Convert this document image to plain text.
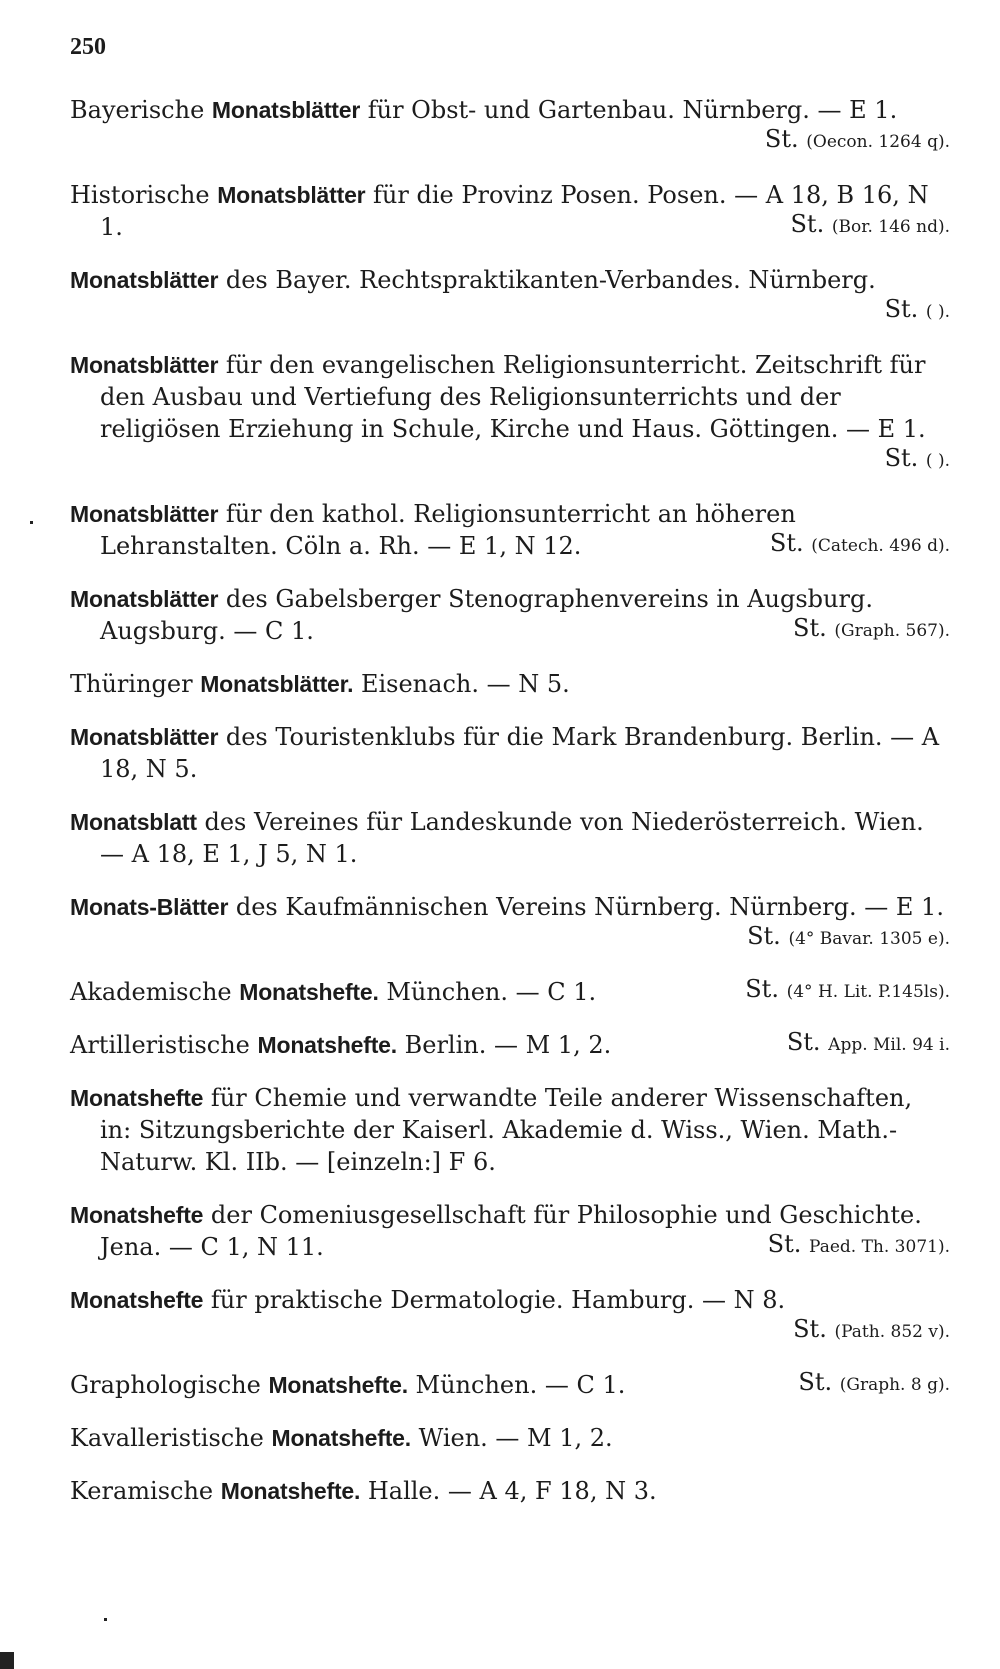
250
Bayerische Monatsblätter für Obst- und Gartenbau. Nürnberg. — E 1.
St. (Oecon. 1264 q).
Historische Monatsblätter für die Provinz Posen. Posen. — A 18, B 16, N 1.	St. (Bor. 146 nd).
Monatsblätter des Bayer. Rechtspraktikanten-Verbandes. Nürnberg.
St. ( ).
Monatsblätter für den evangelischen Religionsunterricht. Zeitschrift für den Ausbau und Vertiefung des Religionsunterrichts und der religiösen Erziehung in Schule, Kirche und Haus. Göttingen. — E 1.
St. ( ).
Monatsblätter für den kathol. Religionsunterricht an höheren Lehranstalten. Cöln a. Rh. — E 1, N 12.	St. (Catech. 496 d).
Monatsblätter des Gabelsberger Stenographenvereins in Augsburg. Augsburg. — C 1.	St. (Graph. 567).
Thüringer Monatsblätter. Eisenach. — N 5.
Monatsblätter des Touristenklubs für die Mark Brandenburg. Berlin. — A 18, N 5.
Monatsblatt des Vereines für Landeskunde von Niederösterreich. Wien. — A 18, E 1, J 5, N 1.
Monats-Blätter des Kaufmännischen Vereins Nürnberg. Nürnberg. — E 1.
St. (4° Bavar. 1305 e).
Akademische Monatshefte. München. — C 1.	St. (4° H. Lit. P.145ls).
Artilleristische Monatshefte. Berlin. — M 1, 2.	St. App. Mil. 94 i.
Monatshefte für Chemie und verwandte Teile anderer Wissenschaften, in: Sitzungsberichte der Kaiserl. Akademie d. Wiss., Wien. Math.-Naturw. Kl. IIb. — [einzeln:] F 6.
Monatshefte der Comeniusgesellschaft für Philosophie und Geschichte. Jena. — C 1, N 11.	St. Paed. Th. 3071).
Monatshefte für praktische Dermatologie. Hamburg. — N 8.
St. (Path. 852 v).
Graphologische Monatshefte. München. — C 1.	St. (Graph. 8 g).
Kavalleristische Monatshefte. Wien. — M 1, 2.
Keramische Monatshefte. Halle. — A 4, F 18, N 3.
